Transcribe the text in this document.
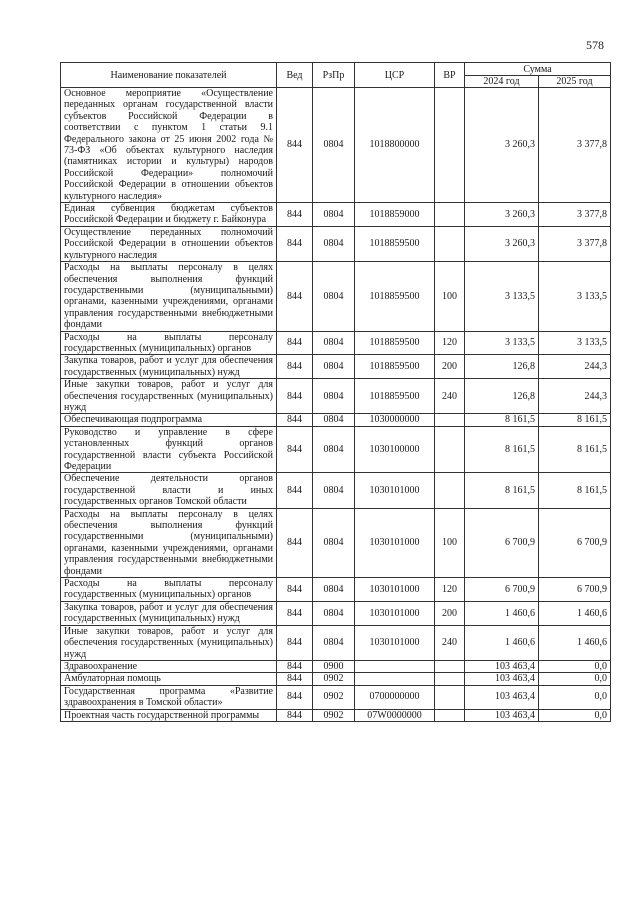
578
Наименование показателей	Вед	РзПр	ЦСР	ВР	Сумма	
					2024 год	2025 год
Основное мероприятие «Осуществление переданных органам государственной власти субъектов Российской Федерации в соответствии с пунктом 1 статьи 9.1 Федерального закона от 25 июня 2002 года № 73-ФЗ «Об объектах культурного наследия (памятниках истории и культуры) народов Российской Федерации» полномочий Российской Федерации в отношении объектов культурного наследия»	844	0804	1018800000		3 260,3	3 377,8
Единая субвенция бюджетам субъектов Российской Федерации и бюджету г. Байконура	844	0804	1018859000		3 260,3	3 377,8
Осуществление переданных полномочий Российской Федерации в отношении объектов культурного наследия	844	0804	1018859500		3 260,3	3 377,8
Расходы на выплаты персоналу в целях обеспечения выполнения функций государственными (муниципальными) органами, казенными учреждениями, органами управления государственными внебюджетными фондами	844	0804	1018859500	100	3 133,5	3 133,5
Расходы на выплаты персоналу государственных (муниципальных) органов	844	0804	1018859500	120	3 133,5	3 133,5
Закупка товаров, работ и услуг для обеспечения государственных (муниципальных) нужд	844	0804	1018859500	200	126,8	244,3
Иные закупки товаров, работ и услуг для обеспечения государственных (муниципальных) нужд	844	0804	1018859500	240	126,8	244,3
Обеспечивающая подпрограмма	844	0804	1030000000		8 161,5	8 161,5
Руководство и управление в сфере установленных функций органов государственной власти субъекта Российской Федерации	844	0804	1030100000		8 161,5	8 161,5
Обеспечение деятельности органов государственной власти и иных государственных органов Томской области	844	0804	1030101000		8 161,5	8 161,5
Расходы на выплаты персоналу в целях обеспечения выполнения функций государственными (муниципальными) органами, казенными учреждениями, органами управления государственными внебюджетными фондами	844	0804	1030101000	100	6 700,9	6 700,9
Расходы на выплаты персоналу государственных (муниципальных) органов	844	0804	1030101000	120	6 700,9	6 700,9
Закупка товаров, работ и услуг для обеспечения государственных (муниципальных) нужд	844	0804	1030101000	200	1 460,6	1 460,6
Иные закупки товаров, работ и услуг для обеспечения государственных (муниципальных) нужд	844	0804	1030101000	240	1 460,6	1 460,6
Здравоохранение	844	0900			103 463,4	0,0
Амбулаторная помощь	844	0902			103 463,4	0,0
Государственная программа «Развитие здравоохранения в Томской области»	844	0902	0700000000		103 463,4	0,0
Проектная часть государственной программы	844	0902	07W0000000		103 463,4	0,0
